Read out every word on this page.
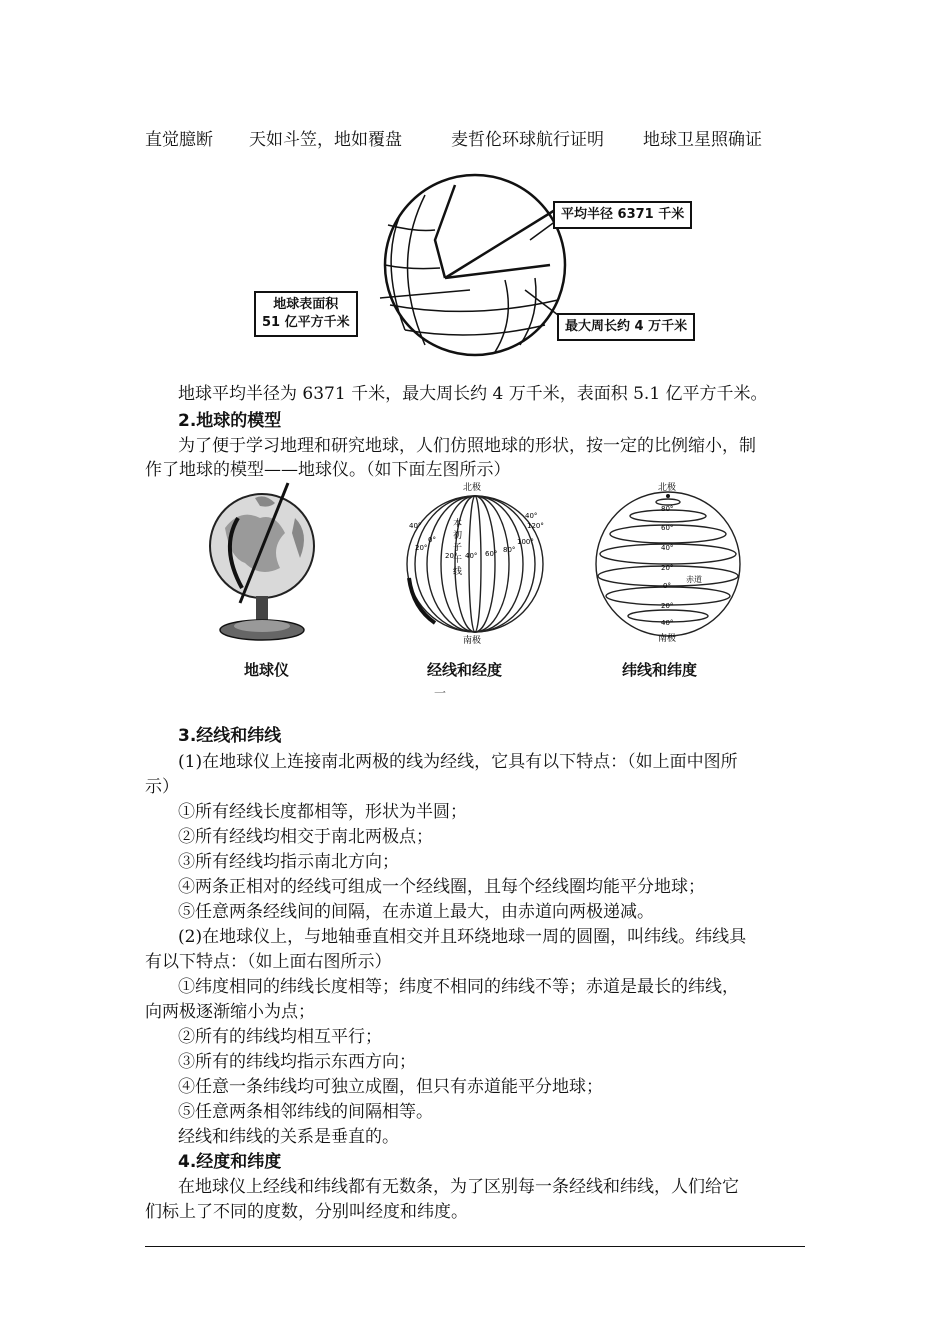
直觉臆断 天如斗笠，地如覆盘	麦哲伦环球航行证明 地球卫星照确证
平均半径 6371 千米
地球表面积
51 亿平方千米	最大周长约 4 万千米
地球平均半径为 6371 千米，最大周长约 4 万千米，表面积 5.1 亿平方千米。
2.地球的模型
为了便于学习地理和研究地球，人们仿照地球的形状，按一定的比例缩小，制
作了地球的模型——地球仪。（如下面左图所示）
地球仪
北极
南极
本
初
子
午
线
40°
0°
20°
20° 40° 60° 80°
100°
120°
40°
经线和经度
北极
南极
赤道
80°
60°
40°
20°
0°
20°
40°
纬线和纬度
一
3.经线和纬线
(1)在地球仪上连接南北两极的线为经线，它具有以下特点：（如上面中图所
示）
①所有经线长度都相等，形状为半圆；
②所有经线均相交于南北两极点；
③所有经线均指示南北方向；
④两条正相对的经线可组成一个经线圈，且每个经线圈均能平分地球；
⑤任意两条经线间的间隔，在赤道上最大，由赤道向两极递减。
(2)在地球仪上，与地轴垂直相交并且环绕地球一周的圆圈，叫纬线。纬线具
有以下特点：（如上面右图所示）
①纬度相同的纬线长度相等；纬度不相同的纬线不等；赤道是最长的纬线，
向两极逐渐缩小为点；
②所有的纬线均相互平行；
③所有的纬线均指示东西方向；
④任意一条纬线均可独立成圈，但只有赤道能平分地球；
⑤任意两条相邻纬线的间隔相等。
经线和纬线的关系是垂直的。
4.经度和纬度
在地球仪上经线和纬线都有无数条，为了区别每一条经线和纬线，人们给它
们标上了不同的度数，分别叫经度和纬度。
